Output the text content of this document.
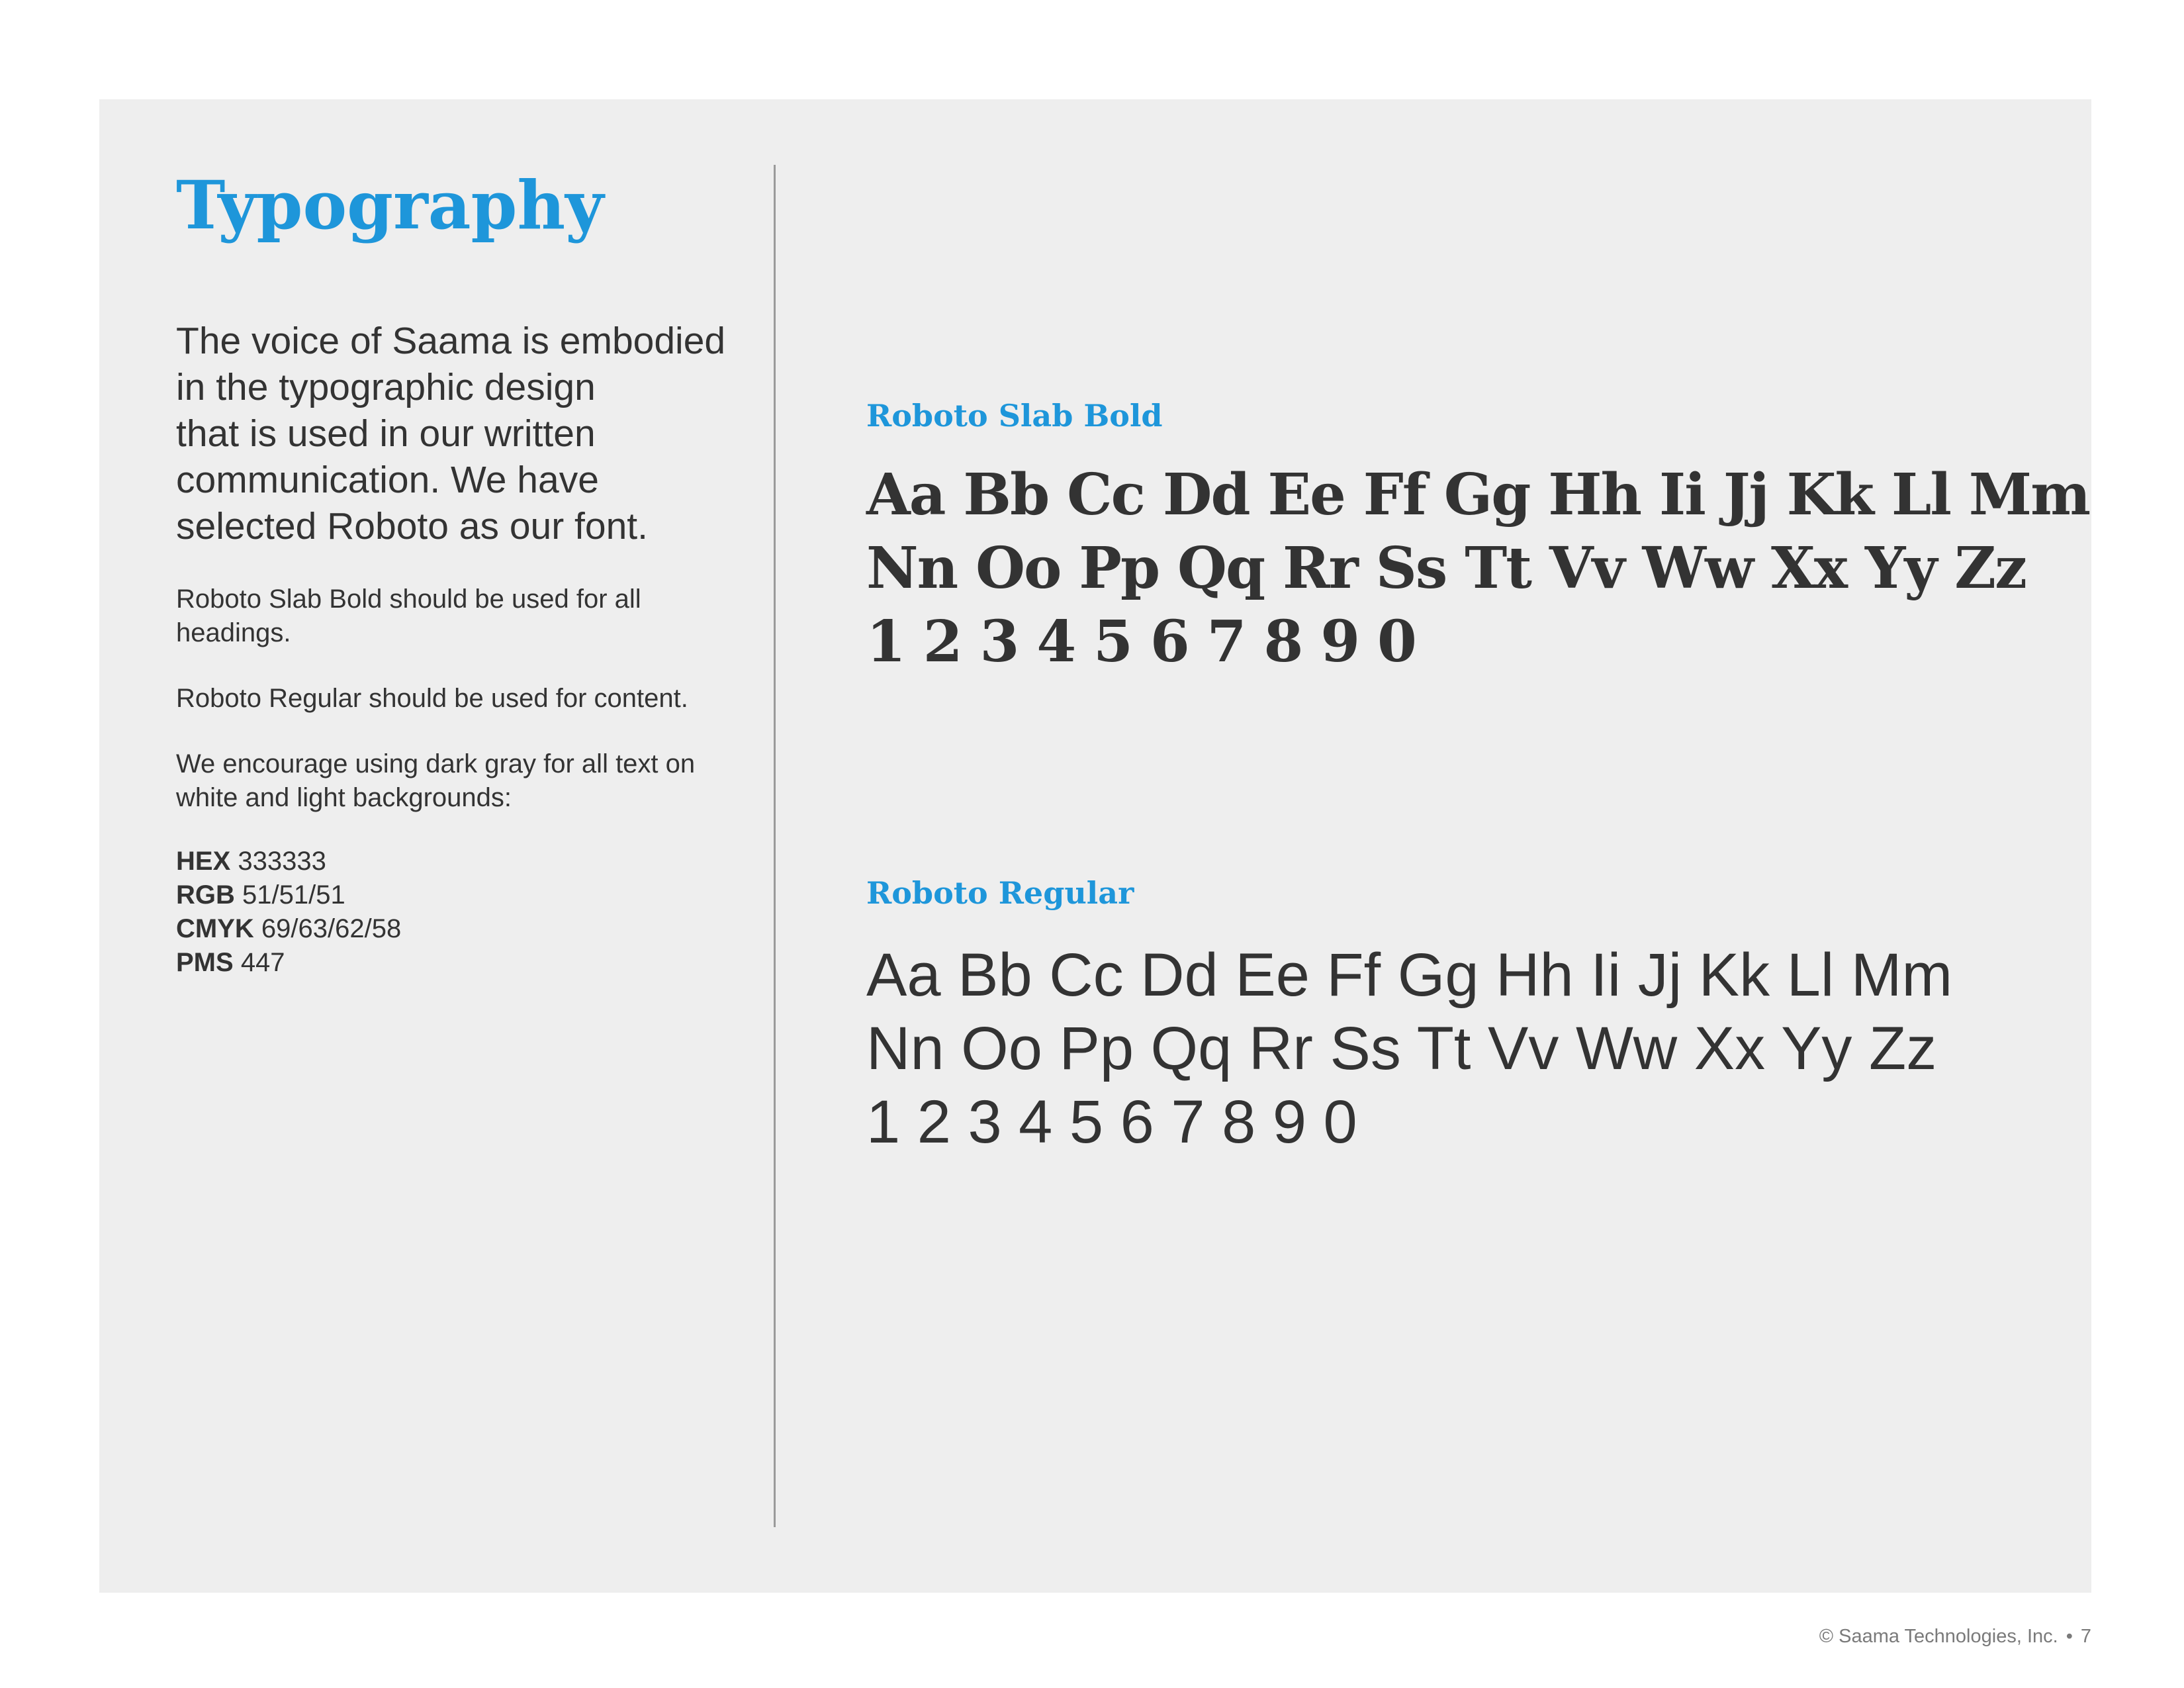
Typography

The voice of Saama is embodied
in the typographic design
that is used in our written
communication. We have
selected Roboto as our font.

Roboto Slab Bold should be used for all
headings.

Roboto Regular should be used for content.

We encourage using dark gray for all text on
white and light backgrounds:

HEX 333333
RGB 51/51/51
CMYK 69/63/62/58
PMS 447
Roboto Slab Bold

Aa Bb Cc Dd Ee Ff Gg Hh Ii Jj Kk Ll Mm
Nn Oo Pp Qq Rr Ss Tt Vv Ww Xx Yy Zz
1 2 3 4 5 6 7 8 9 0

Roboto Regular

Aa Bb Cc Dd Ee Ff Gg Hh Ii Jj Kk Ll Mm
Nn Oo Pp Qq Rr Ss Tt Vv Ww Xx Yy Zz
1 2 3 4 5 6 7 8 9 0

© Saama Technologies, Inc. • 7
